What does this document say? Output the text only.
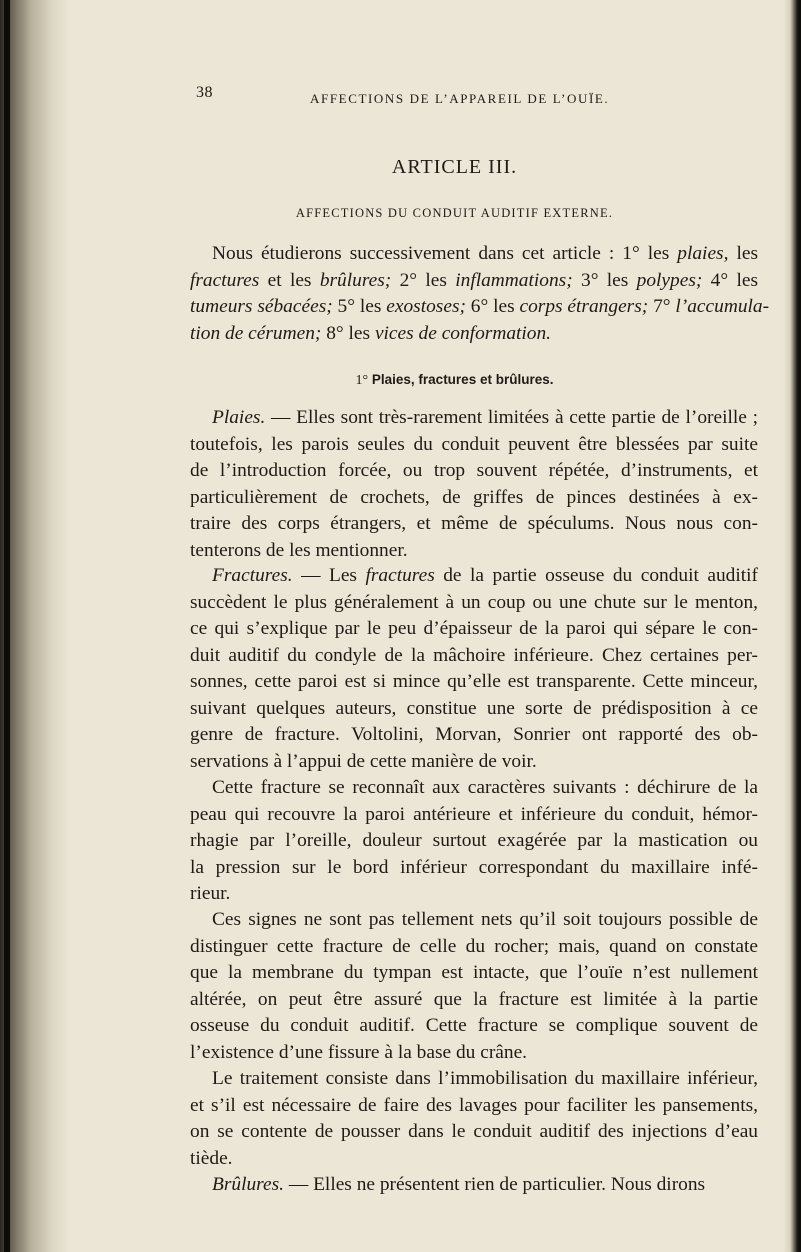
38	AFFECTIONS DE L’APPAREIL DE L’OUÏE.
ARTICLE III.
AFFECTIONS DU CONDUIT AUDITIF EXTERNE.
Nous étudierons successivement dans cet article : 1° les plaies, les
fractures et les brûlures; 2° les inflammations; 3° les polypes; 4° les
tumeurs sébacées; 5° les exostoses; 6° les corps étrangers; 7° l’accumula-
tion de cérumen; 8° les vices de conformation.
1° Plaies, fractures et brûlures.
Plaies. — Elles sont très-rarement limitées à cette partie de l’oreille ;
toutefois, les parois seules du conduit peuvent être blessées par suite
de l’introduction forcée, ou trop souvent répétée, d’instruments, et
particulièrement de crochets, de griffes de pinces destinées à ex-
traire des corps étrangers, et même de spéculums. Nous nous con-
tenterons de les mentionner.
Fractures. — Les fractures de la partie osseuse du conduit auditif
succèdent le plus généralement à un coup ou une chute sur le menton,
ce qui s’explique par le peu d’épaisseur de la paroi qui sépare le con-
duit auditif du condyle de la mâchoire inférieure. Chez certaines per-
sonnes, cette paroi est si mince qu’elle est transparente. Cette minceur,
suivant quelques auteurs, constitue une sorte de prédisposition à ce
genre de fracture. Voltolini, Morvan, Sonrier ont rapporté des ob-
servations à l’appui de cette manière de voir.
Cette fracture se reconnaît aux caractères suivants : déchirure de la
peau qui recouvre la paroi antérieure et inférieure du conduit, hémor-
rhagie par l’oreille, douleur surtout exagérée par la mastication ou
la pression sur le bord inférieur correspondant du maxillaire infé-
rieur.
Ces signes ne sont pas tellement nets qu’il soit toujours possible de
distinguer cette fracture de celle du rocher; mais, quand on constate
que la membrane du tympan est intacte, que l’ouïe n’est nullement
altérée, on peut être assuré que la fracture est limitée à la partie
osseuse du conduit auditif. Cette fracture se complique souvent de
l’existence d’une fissure à la base du crâne.
Le traitement consiste dans l’immobilisation du maxillaire inférieur,
et s’il est nécessaire de faire des lavages pour faciliter les pansements,
on se contente de pousser dans le conduit auditif des injections d’eau
tiède.
Brûlures. — Elles ne présentent rien de particulier. Nous dirons
